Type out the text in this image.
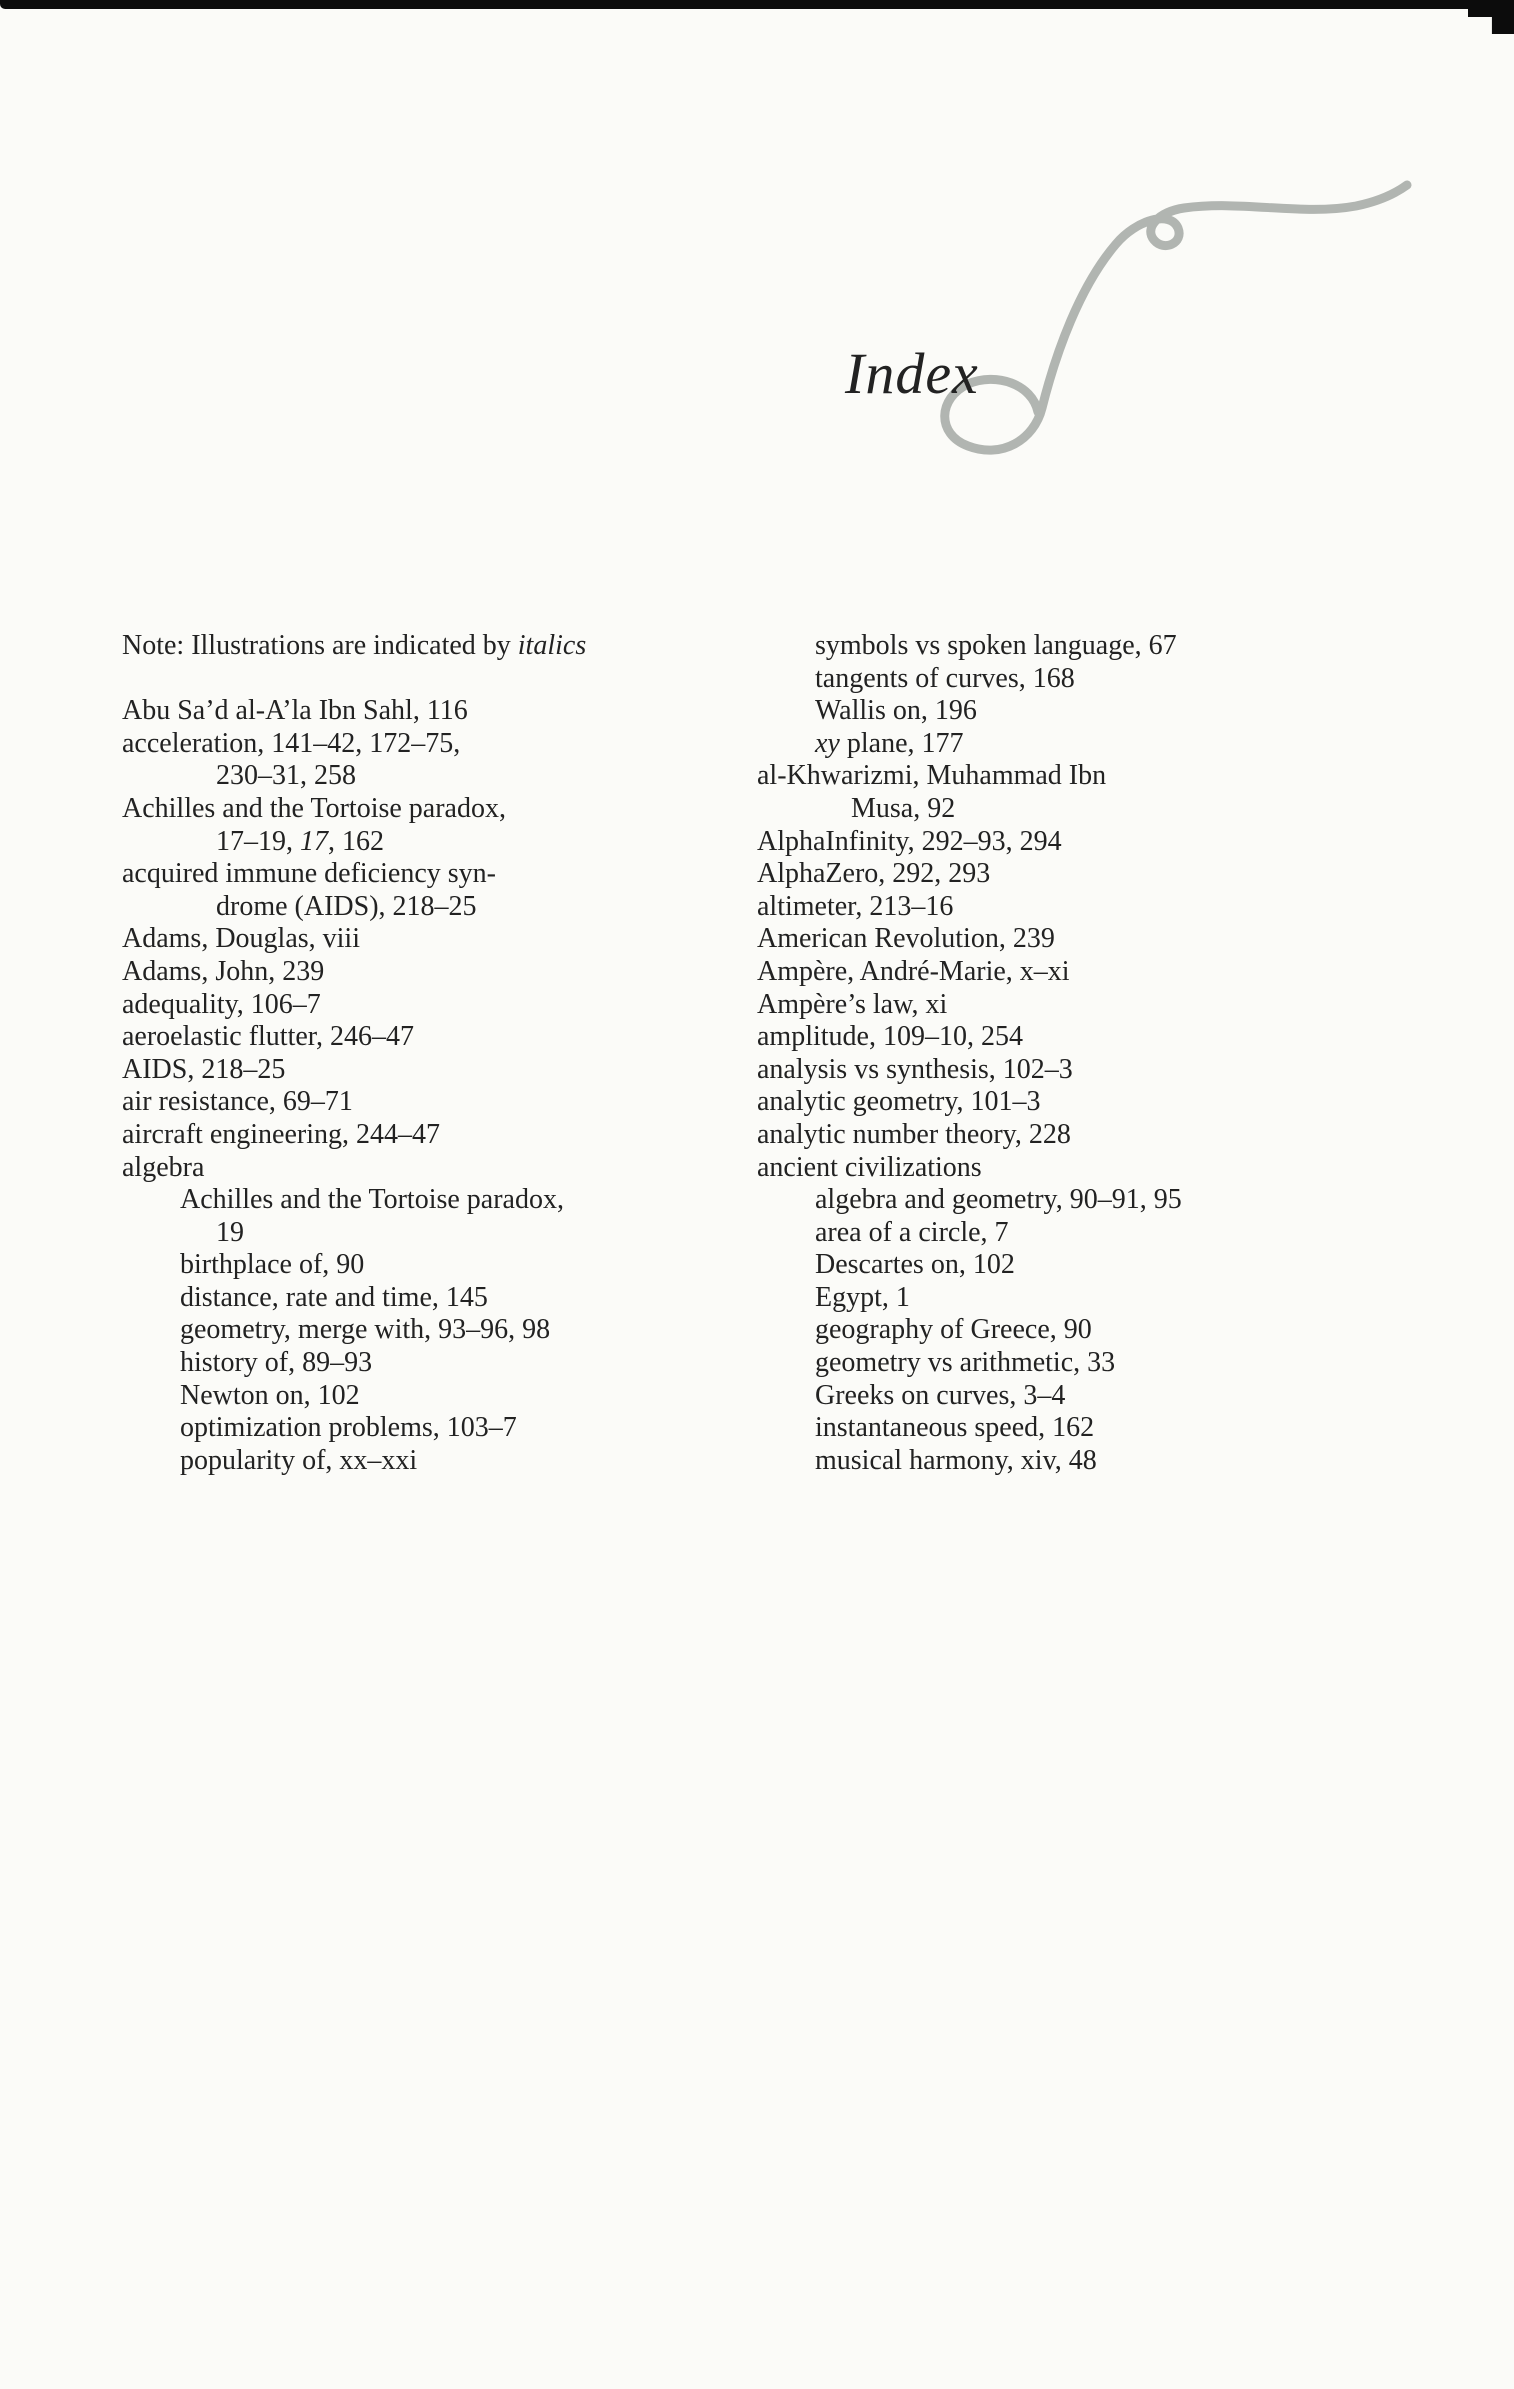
Index
Note: Illustrations are indicated by italics
Abu Sa’d al-A’la Ibn Sahl, 116
acceleration, 141–42, 172–75,
230–31, 258
Achilles and the Tortoise paradox,
17–19, 17, 162
acquired immune deficiency syn-
drome (AIDS), 218–25
Adams, Douglas, viii
Adams, John, 239
adequality, 106–7
aeroelastic flutter, 246–47
AIDS, 218–25
air resistance, 69–71
aircraft engineering, 244–47
algebra
Achilles and the Tortoise paradox,
19
birthplace of, 90
distance, rate and time, 145
geometry, merge with, 93–96, 98
history of, 89–93
Newton on, 102
optimization problems, 103–7
popularity of, xx–xxi
symbols vs spoken language, 67
tangents of curves, 168
Wallis on, 196
xy plane, 177
al-Khwarizmi, Muhammad Ibn
Musa, 92
AlphaInfinity, 292–93, 294
AlphaZero, 292, 293
altimeter, 213–16
American Revolution, 239
Ampère, André-Marie, x–xi
Ampère’s law, xi
amplitude, 109–10, 254
analysis vs synthesis, 102–3
analytic geometry, 101–3
analytic number theory, 228
ancient civilizations
algebra and geometry, 90–91, 95
area of a circle, 7
Descartes on, 102
Egypt, 1
geography of Greece, 90
geometry vs arithmetic, 33
Greeks on curves, 3–4
instantaneous speed, 162
musical harmony, xiv, 48
